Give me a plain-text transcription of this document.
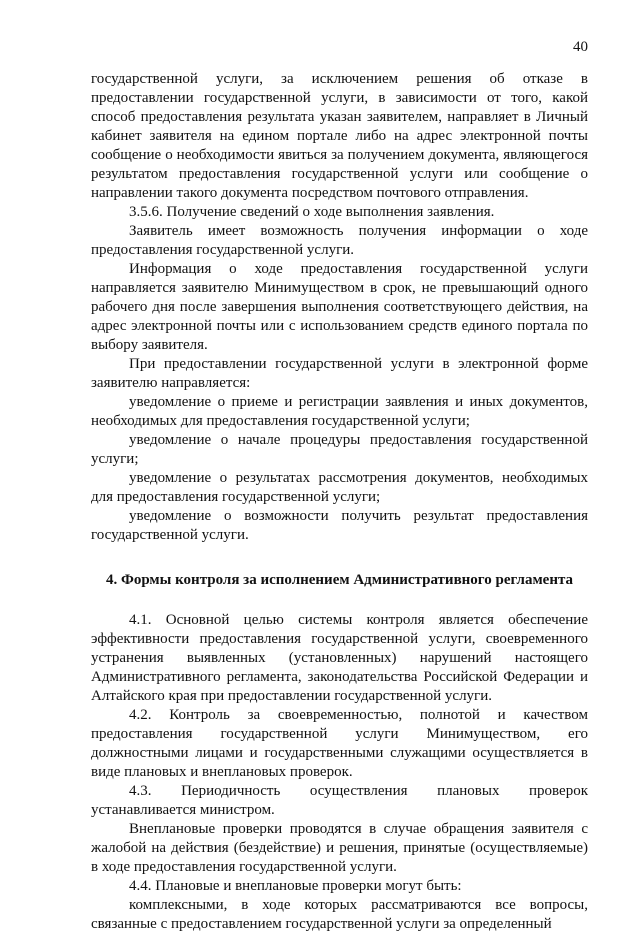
40

государственной услуги, за исключением решения об отказе в предоставлении государственной услуги, в зависимости от того, какой способ предоставления результата указан заявителем, направляет в Личный кабинет заявителя на едином портале либо на адрес электронной почты сообщение о необходимости явиться за получением документа, являющегося результатом предоставления государственной услуги или сообщение о направлении такого документа посредством почтового отправления.

3.5.6. Получение сведений о ходе выполнения заявления.

Заявитель имеет возможность получения информации о ходе предоставления государственной услуги.

Информация о ходе предоставления государственной услуги направляется заявителю Минимуществом в срок, не превышающий одного рабочего дня после завершения выполнения соответствующего действия, на адрес электронной почты или с использованием средств единого портала по выбору заявителя.

При предоставлении государственной услуги в электронной форме заявителю направляется:

уведомление о приеме и регистрации заявления и иных документов, необходимых для предоставления государственной услуги;

уведомление о начале процедуры предоставления государственной услуги;

уведомление о результатах рассмотрения документов, необходимых для предоставления государственной услуги;

уведомление о возможности получить результат предоставления государственной услуги.

4. Формы контроля за исполнением Административного регламента

4.1. Основной целью системы контроля является обеспечение эффективности предоставления государственной услуги, своевременного устранения выявленных (установленных) нарушений настоящего Административного регламента, законодательства Российской Федерации и Алтайского края при предоставлении государственной услуги.

4.2. Контроль за своевременностью, полнотой и качеством предоставления государственной услуги Минимуществом, его должностными лицами и государственными служащими осуществляется в виде плановых и внеплановых проверок.

4.3. Периодичность осуществления плановых проверок устанавливается министром.

Внеплановые проверки проводятся в случае обращения заявителя с жалобой на действия (бездействие) и решения, принятые (осуществляемые) в ходе предоставления государственной услуги.

4.4. Плановые и внеплановые проверки могут быть:

комплексными, в ходе которых рассматриваются все вопросы, связанные с предоставлением государственной услуги за определенный
